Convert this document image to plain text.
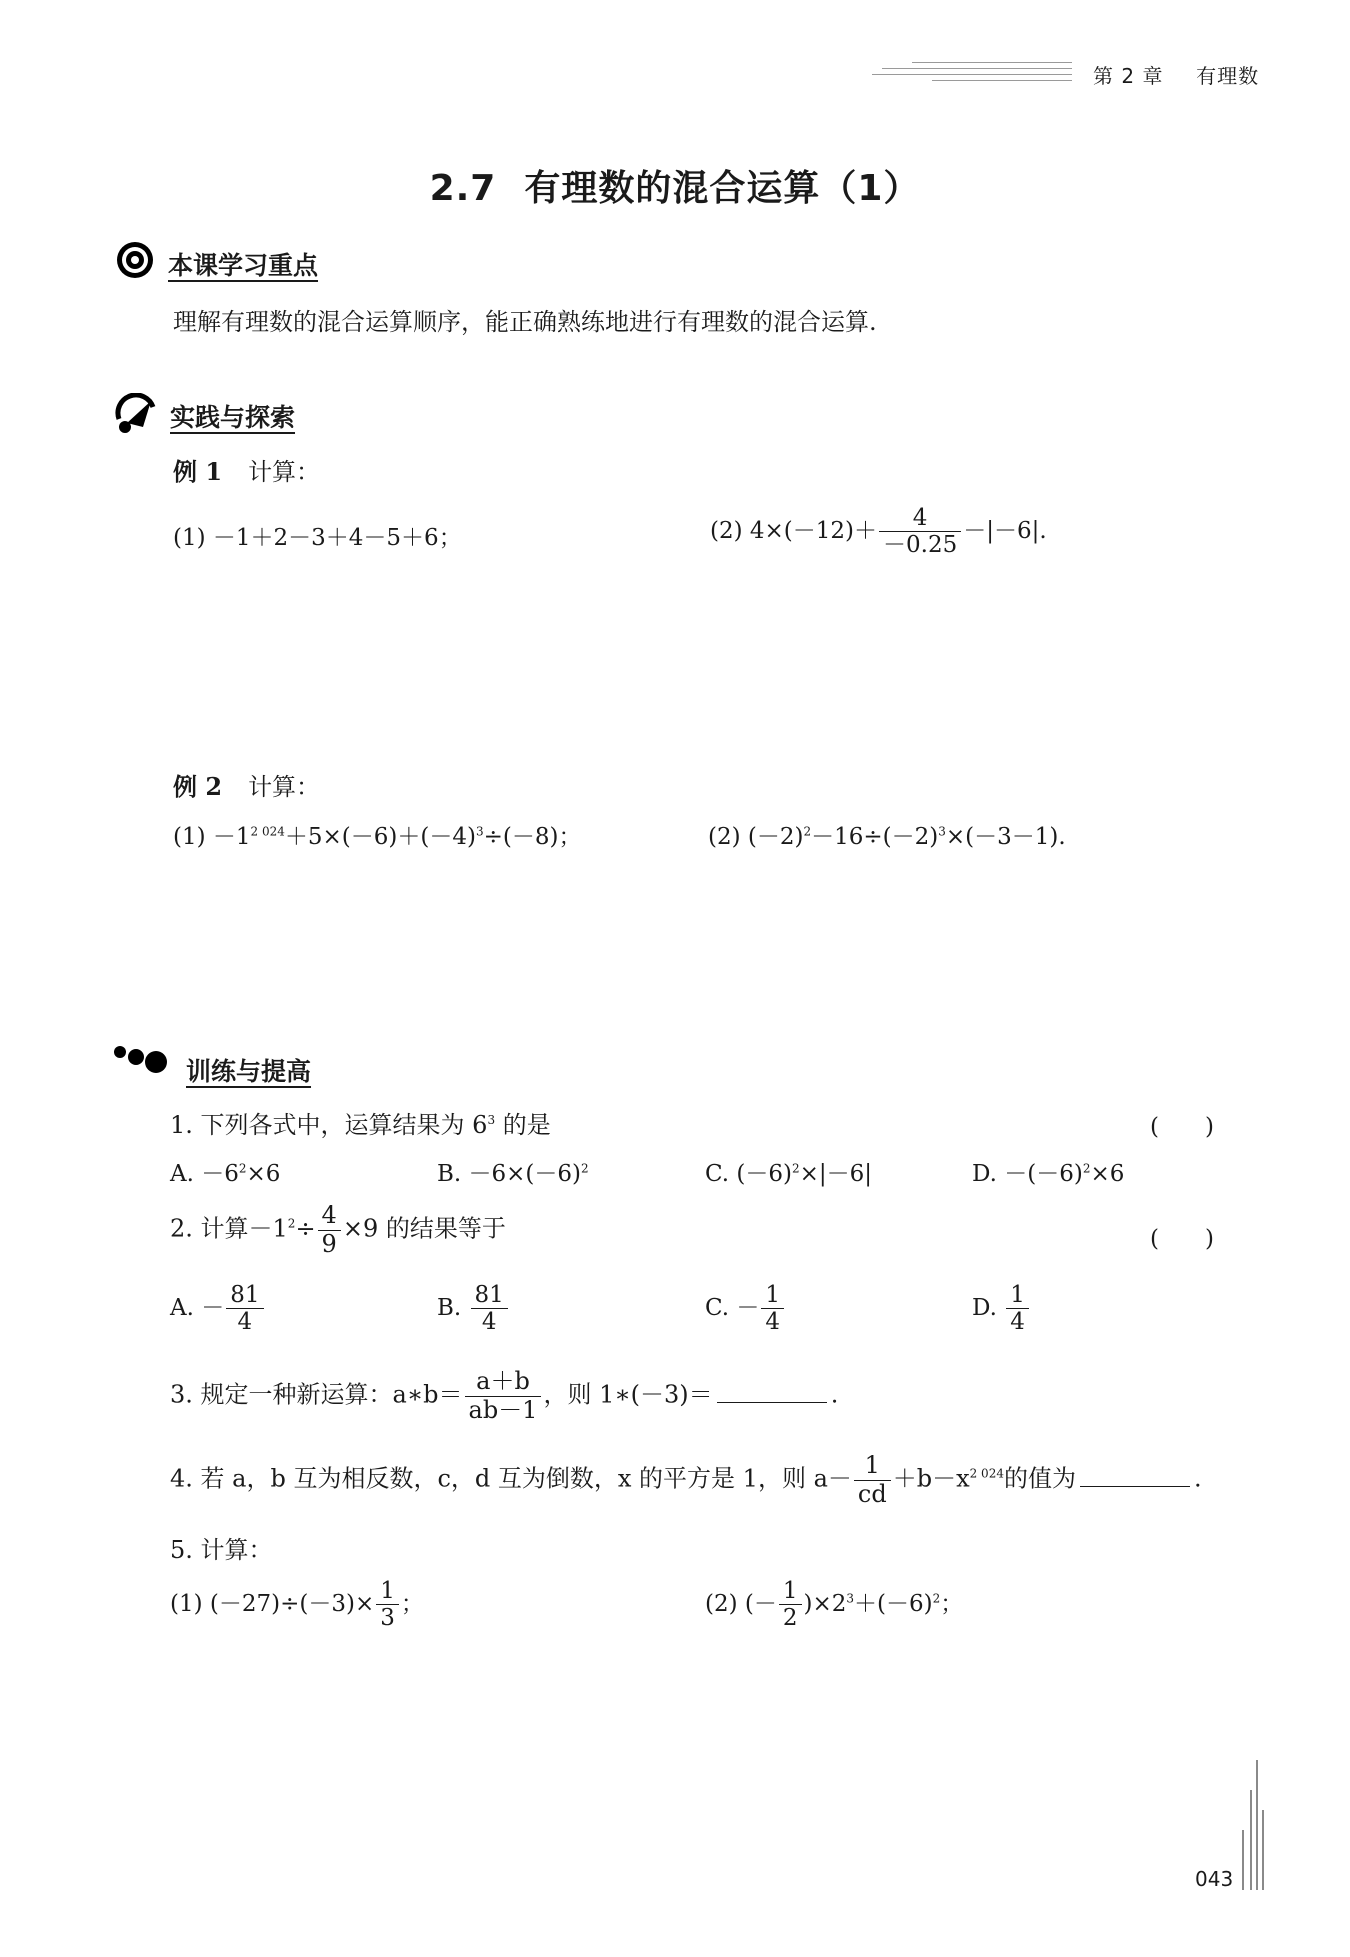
第 2 章 有理数
2.7 有理数的混合运算（1）
本课学习重点
理解有理数的混合运算顺序，能正确熟练地进行有理数的混合运算.
实践与探索
例 1 计算：
(1) －1＋2－3＋4－5＋6；	(2) $4\times(-12)+ \frac{4}{-0.25} -|-6|$.
例 2 计算：
$(1) -1^{2 024}+5\times(-6)+(-4)^3\div(-8)$；	(2) $(-2)^2-16\div(-2)^3\times(-3-1)$.
训练与提高
1. 下列各式中，运算结果为 $6^3$ 的是	(　　)
A. $-6^2\times 6$	B. $-6\times(-6)^2$	C. $(-6)^2\times|-6|$	D. $-(-6)^2\times 6$
2. 计算$-1^2\div \frac{4}{9} \times 9$ 的结果等于	(　　)
A. － $\frac{81}{4}$	B. $\frac{81}{4}$	C. － $\frac{1}{4}$	D. $\frac{1}{4}$
3. 规定一种新运算：a∗b＝ $\frac{a+b}{ab-1}$ ，则 1∗(－3)＝	.
4. 若 a，b 互为相反数，c，d 互为倒数，x 的平方是 1，则 $a- \frac{1}{cd} +b-x^{2 024}$的值为	.
5. 计算：
(1) $(-27)\div(-3)\times \frac{1}{3}$ ；	(2) (－ $\frac{1}{2} )\times 2^3+(-6)^2$；
043
